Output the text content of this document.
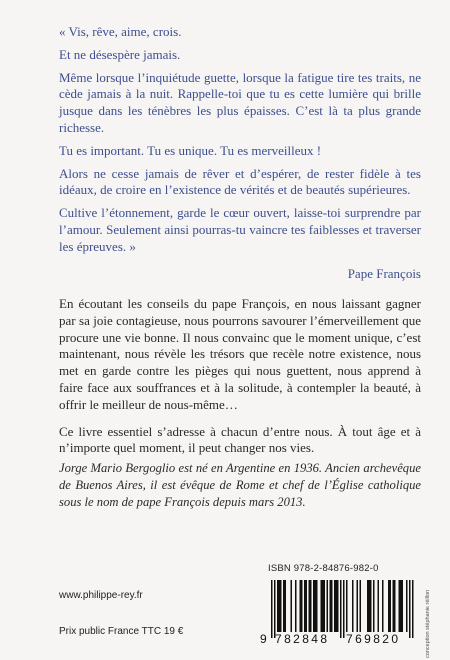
« Vis, rêve, aime, crois.

Et ne désespère jamais.

Même lorsque l’inquiétude guette, lorsque la fatigue tire tes traits, ne cède jamais à la nuit. Rappelle-toi que tu es cette lumière qui brille jusque dans les ténèbres les plus épaisses. C’est là ta plus grande richesse.

Tu es important. Tu es unique. Tu es merveilleux !

Alors ne cesse jamais de rêver et d’espérer, de rester fidèle à tes idéaux, de croire en l’existence de vérités et de beautés supérieures.

Cultive l’étonnement, garde le cœur ouvert, laisse-toi surprendre par l’amour. Seulement ainsi pourras-tu vaincre tes faiblesses et traverser les épreuves. »

Pape François

En écoutant les conseils du pape François, en nous laissant gagner par sa joie contagieuse, nous pourrons savourer l’émerveillement que procure une vie bonne. Il nous convainc que le moment unique, c’est maintenant, nous révèle les trésors que recèle notre existence, nous met en garde contre les pièges qui nous guettent, nous apprend à faire face aux souffrances et à la solitude, à contempler la beauté, à offrir le meilleur de nous-même…

Ce livre essentiel s’adresse à chacun d’entre nous. À tout âge et à n’importe quel moment, il peut changer nos vies.

Jorge Mario Bergoglio est né en Argentine en 1936. Ancien archevêque de Buenos Aires, il est évêque de Rome et chef de l’Église catholique sous le nom de pape François depuis mars 2013.

ISBN 978-2-84876-982-0
9 782848 769820	conception stéphanie réillon
www.philippe-rey.fr
Prix public France TTC 19 €
